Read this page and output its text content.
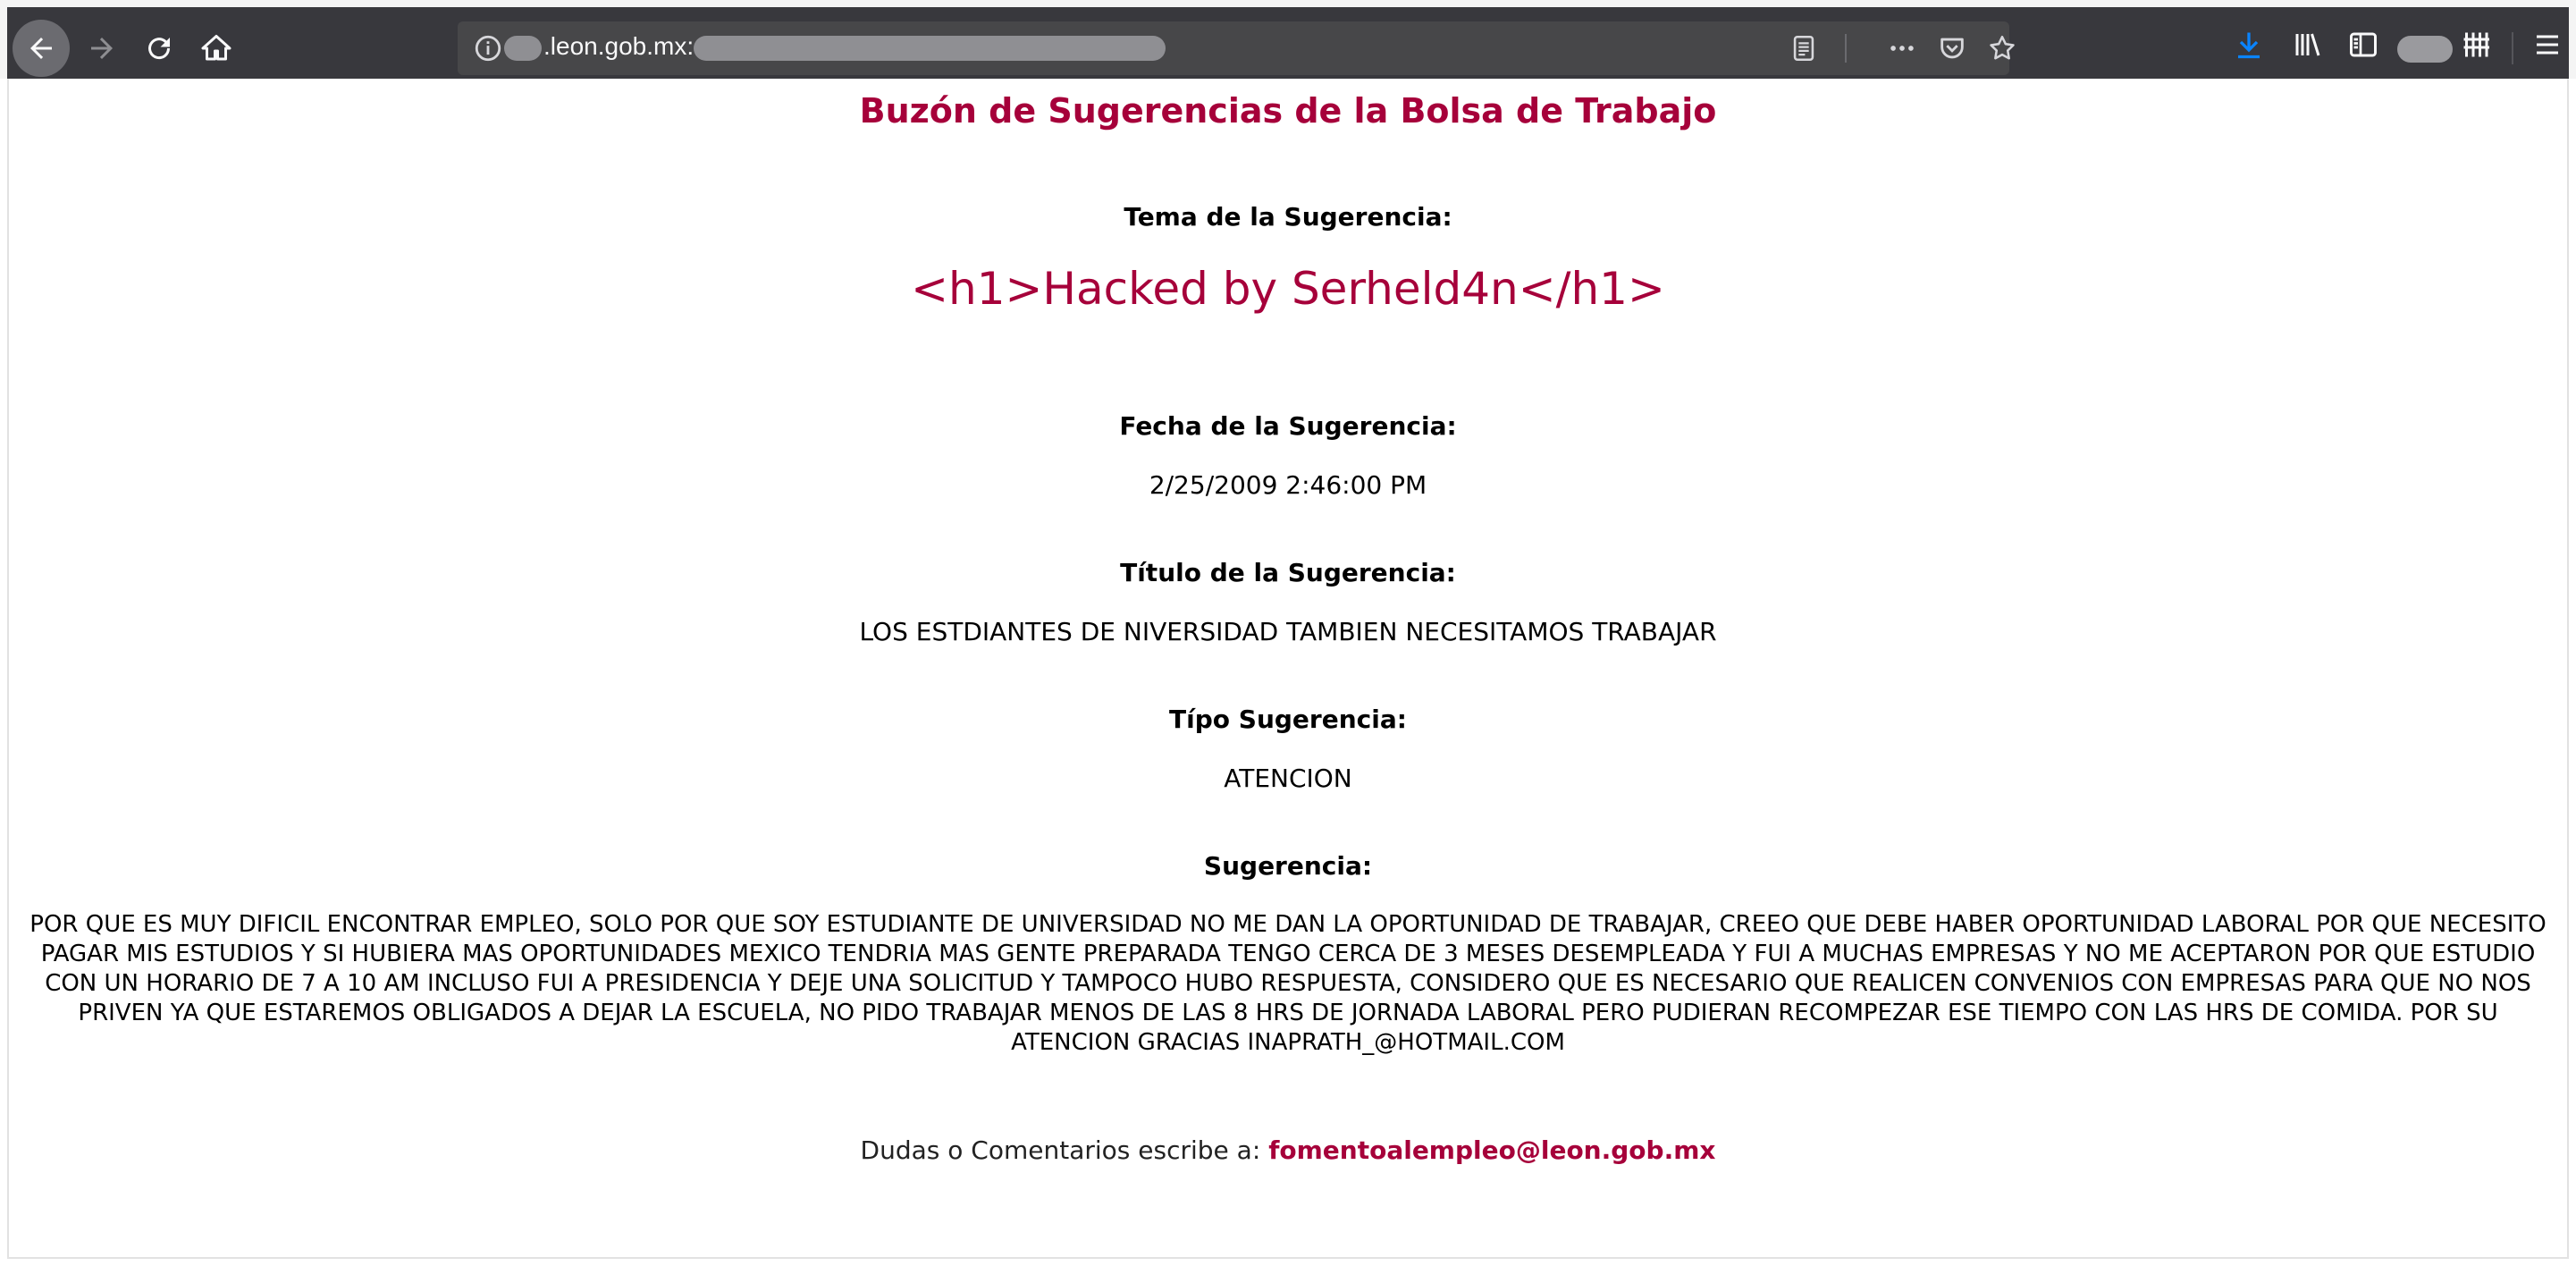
.leon.gob.mx:
Buzón de Sugerencias de la Bolsa de Trabajo
Tema de la Sugerencia:
<h1>Hacked by Serheld4n</h1>
Fecha de la Sugerencia:
2/25/2009 2:46:00 PM
Título de la Sugerencia:
LOS ESTDIANTES DE NIVERSIDAD TAMBIEN NECESITAMOS TRABAJAR
Típo Sugerencia:
ATENCION
Sugerencia:
POR QUE ES MUY DIFICIL ENCONTRAR EMPLEO, SOLO POR QUE SOY ESTUDIANTE DE UNIVERSIDAD NO ME DAN LA OPORTUNIDAD DE TRABAJAR, CREEO QUE DEBE HABER OPORTUNIDAD LABORAL POR QUE NECESITO PAGAR MIS ESTUDIOS Y SI HUBIERA MAS OPORTUNIDADES MEXICO TENDRIA MAS GENTE PREPARADA TENGO CERCA DE 3 MESES DESEMPLEADA Y FUI A MUCHAS EMPRESAS Y NO ME ACEPTARON POR QUE ESTUDIO CON UN HORARIO DE 7 A 10 AM INCLUSO FUI A PRESIDENCIA Y DEJE UNA SOLICITUD Y TAMPOCO HUBO RESPUESTA, CONSIDERO QUE ES NECESARIO QUE REALICEN CONVENIOS CON EMPRESAS PARA QUE NO NOS PRIVEN YA QUE ESTAREMOS OBLIGADOS A DEJAR LA ESCUELA, NO PIDO TRABAJAR MENOS DE LAS 8 HRS DE JORNADA LABORAL PERO PUDIERAN RECOMPEZAR ESE TIEMPO CON LAS HRS DE COMIDA. POR SU ATENCION GRACIAS INAPRATH_@HOTMAIL.COM
Dudas o Comentarios escribe a: fomentoalempleo@leon.gob.mx
